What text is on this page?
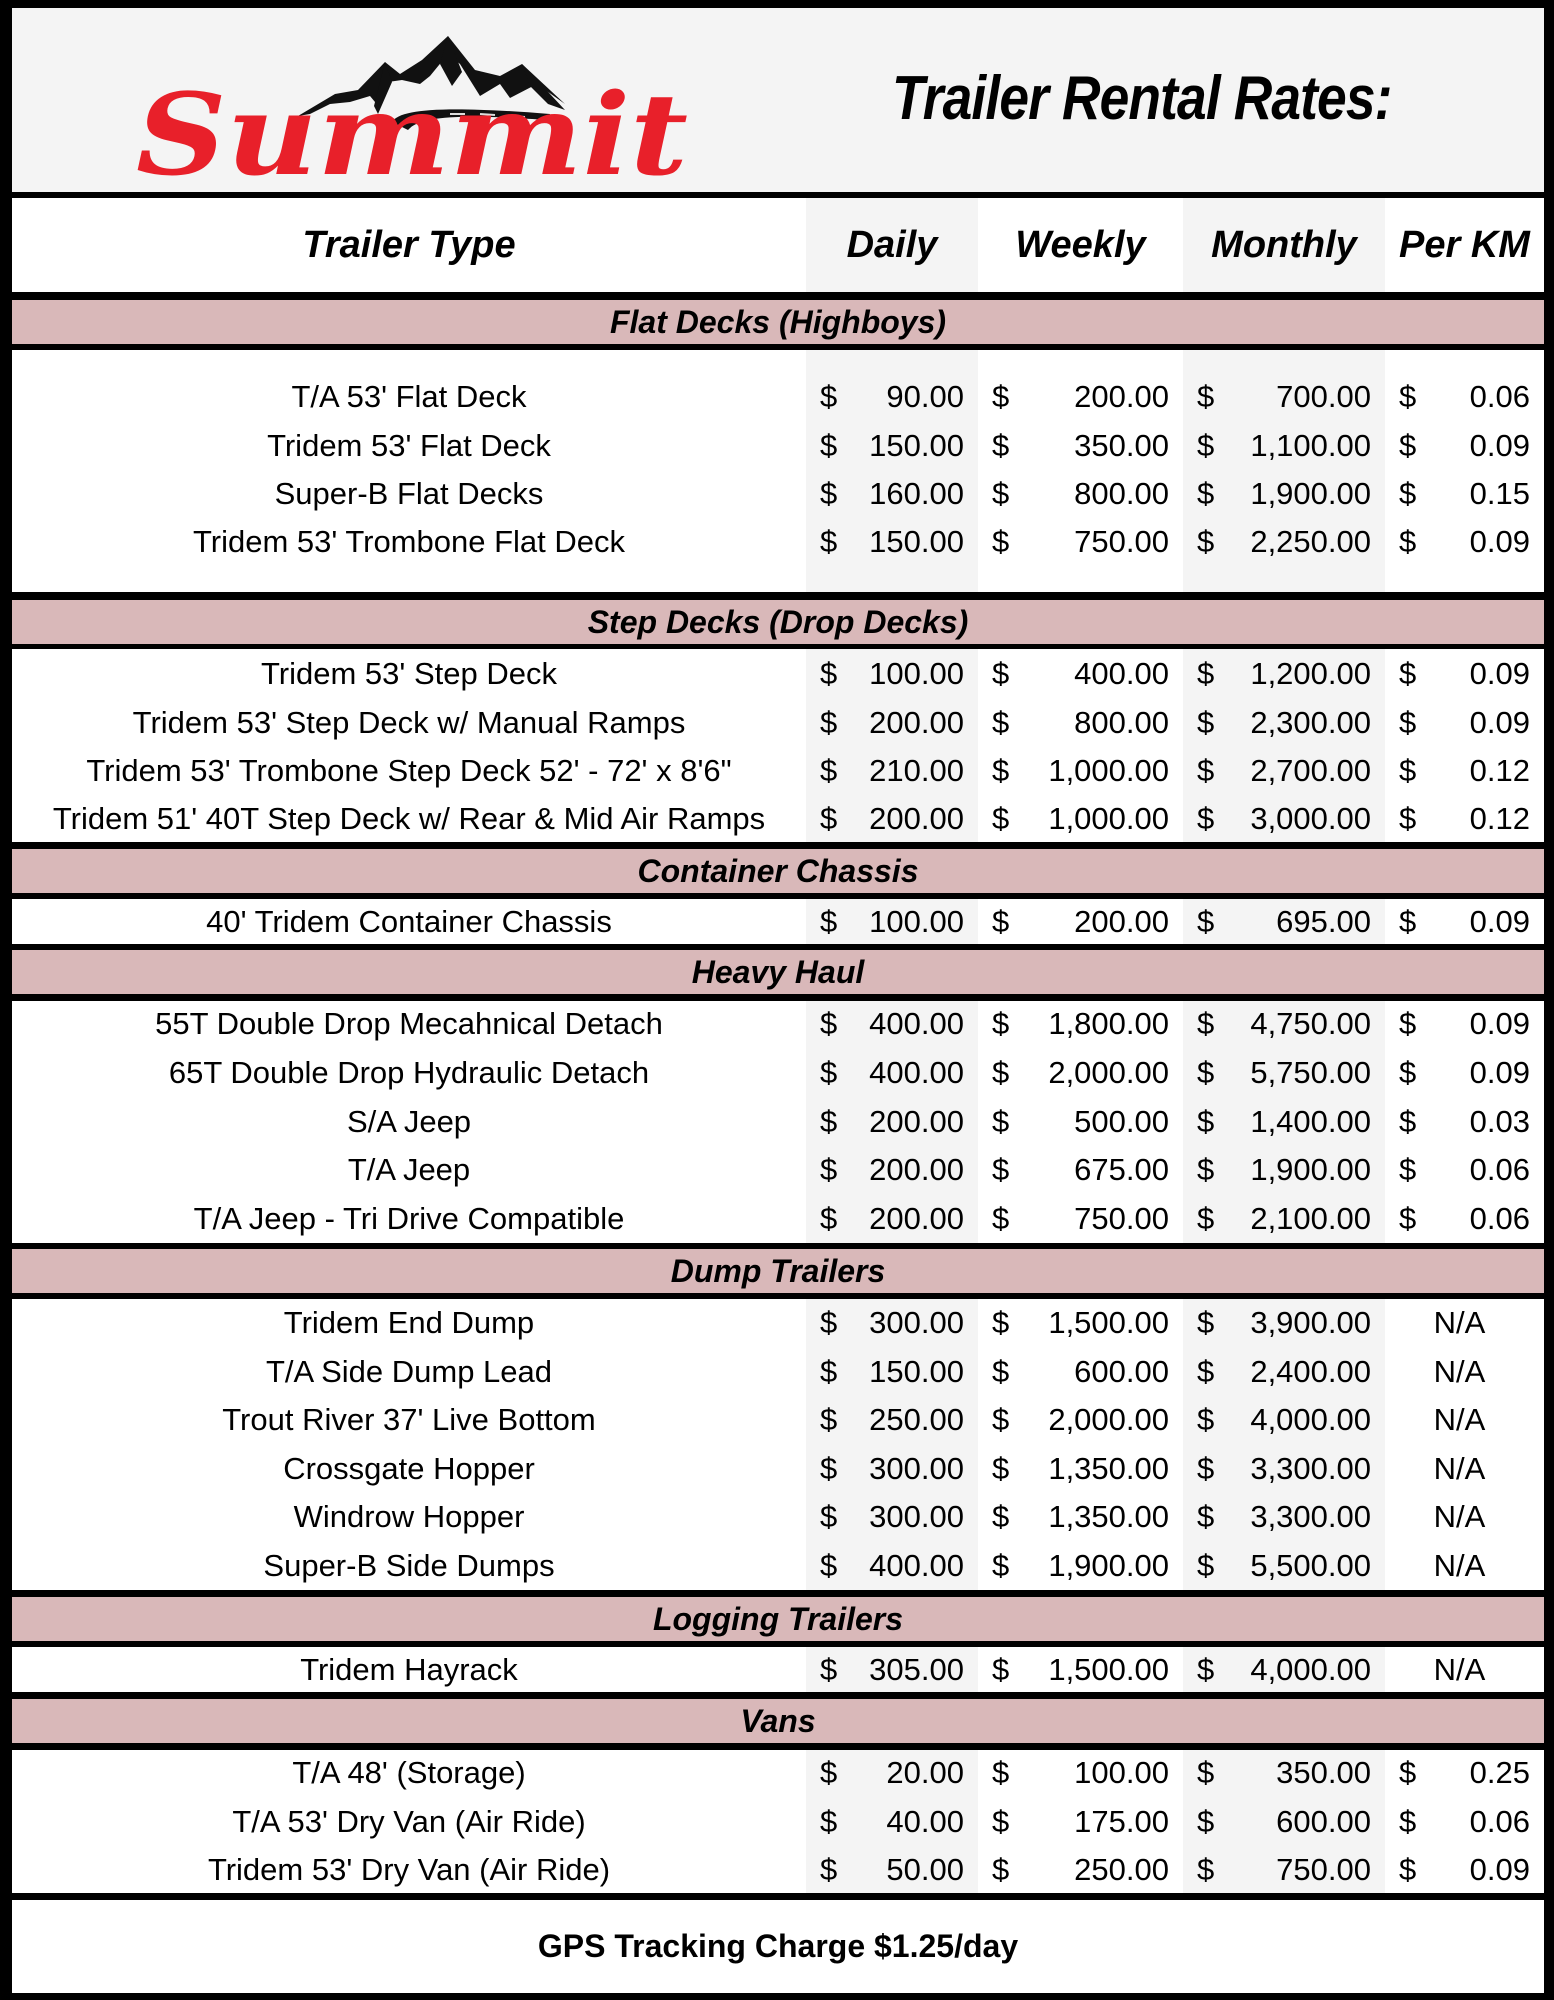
Summit	Trailer Rental Rates:
Trailer Type	Daily	Weekly	Monthly	Per KM
Flat Decks (Highboys)
T/A 53' Flat Deck	$ 90.00 $ 200.00 $ 700.00 $ 0.06
Tridem 53' Flat Deck	$ 150.00 $ 350.00 $ 1,100.00 $ 0.09
Super-B Flat Decks	$ 160.00 $ 800.00 $ 1,900.00 $ 0.15
Tridem 53' Trombone Flat Deck	$ 150.00 $ 750.00 $ 2,250.00 $ 0.09
Step Decks (Drop Decks)
Tridem 53' Step Deck	$ 100.00 $ 400.00 $ 1,200.00 $ 0.09
Tridem 53' Step Deck w/ Manual Ramps	$ 200.00 $ 800.00 $ 2,300.00 $ 0.09
Tridem 53' Trombone Step Deck 52' - 72' x 8'6"	$ 210.00 $ 1,000.00 $ 2,700.00 $ 0.12
Tridem 51' 40T Step Deck w/ Rear & Mid Air Ramps	$ 200.00 $ 1,000.00 $ 3,000.00 $ 0.12
Container Chassis
40' Tridem Container Chassis	$ 100.00 $ 200.00 $ 695.00 $ 0.09
Heavy Haul
55T Double Drop Mecahnical Detach	$ 400.00 $ 1,800.00 $ 4,750.00 $ 0.09
65T Double Drop Hydraulic Detach	$ 400.00 $ 2,000.00 $ 5,750.00 $ 0.09
S/A Jeep	$ 200.00 $ 500.00 $ 1,400.00 $ 0.03
T/A Jeep	$ 200.00 $ 675.00 $ 1,900.00 $ 0.06
T/A Jeep - Tri Drive Compatible	$ 200.00 $ 750.00 $ 2,100.00 $ 0.06
Dump Trailers
Tridem End Dump	$ 300.00 $ 1,500.00 $ 3,900.00	N/A
T/A Side Dump Lead	$ 150.00 $ 600.00 $ 2,400.00	N/A
Trout River 37' Live Bottom	$ 250.00 $ 2,000.00 $ 4,000.00	N/A
Crossgate Hopper	$ 300.00 $ 1,350.00 $ 3,300.00	N/A
Windrow Hopper	$ 300.00 $ 1,350.00 $ 3,300.00	N/A
Super-B Side Dumps	$ 400.00 $ 1,900.00 $ 5,500.00	N/A
Logging Trailers
Tridem Hayrack	$ 305.00 $ 1,500.00 $ 4,000.00	N/A
Vans
T/A 48' (Storage)	$ 20.00 $ 100.00 $ 350.00 $ 0.25
T/A 53' Dry Van (Air Ride)	$ 40.00 $ 175.00 $ 600.00 $ 0.06
Tridem 53' Dry Van (Air Ride)	$ 50.00 $ 250.00 $ 750.00 $ 0.09
GPS Tracking Charge $1.25/day
